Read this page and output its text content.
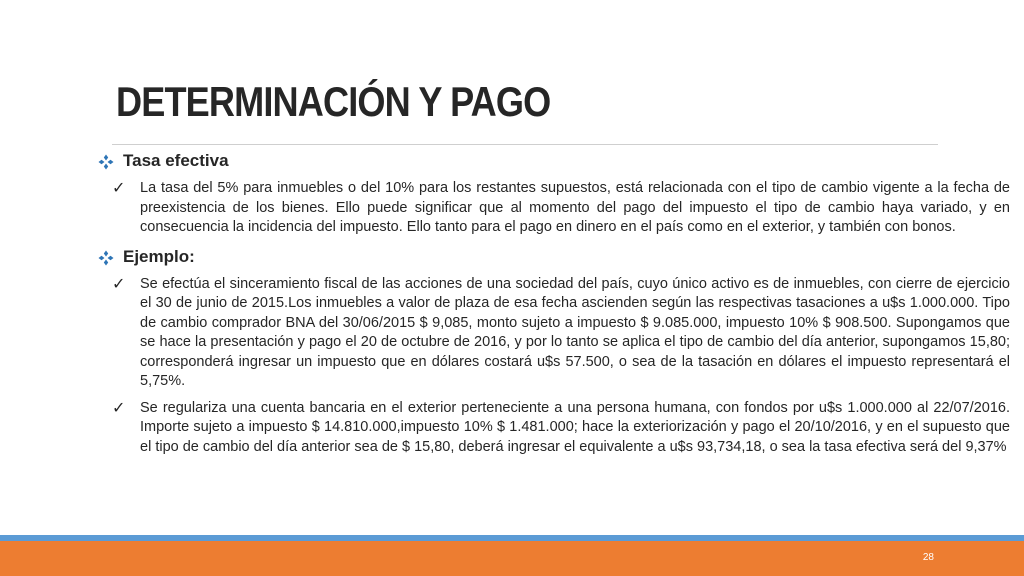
DETERMINACIÓN Y PAGO
Tasa efectiva
✓ La tasa del 5% para inmuebles o del 10% para los restantes supuestos, está relacionada con el tipo de cambio vigente a la fecha de preexistencia de los bienes. Ello puede significar que al momento del pago del impuesto el tipo de cambio haya variado, y en consecuencia la incidencia del impuesto. Ello tanto para el pago en dinero en el país como en el exterior, y también con bonos.
Ejemplo:
✓ Se efectúa el sinceramiento fiscal de las acciones de una sociedad del país, cuyo único activo es de inmuebles, con cierre de ejercicio el 30 de junio de 2015.Los inmuebles a valor de plaza de esa fecha ascienden según las respectivas tasaciones a u$s 1.000.000. Tipo de cambio comprador BNA del 30/06/2015 $ 9,085, monto sujeto a impuesto $ 9.085.000, impuesto 10% $ 908.500. Supongamos que se hace la presentación y pago el 20 de octubre de 2016, y por lo tanto se aplica el tipo de cambio del día anterior, supongamos 15,80; corresponderá ingresar un impuesto que en dólares costará u$s 57.500, o sea de la tasación en dólares el impuesto representará el 5,75%.
✓ Se regulariza una cuenta bancaria en el exterior perteneciente a una persona humana, con fondos por u$s 1.000.000 al 22/07/2016. Importe sujeto a impuesto $ 14.810.000,impuesto 10% $ 1.481.000; hace la exteriorización y pago el 20/10/2016, y en el supuesto que el tipo de cambio del día anterior sea de $ 15,80, deberá ingresar el equivalente a u$s 93,734,18, o sea la tasa efectiva será del 9,37%
28
